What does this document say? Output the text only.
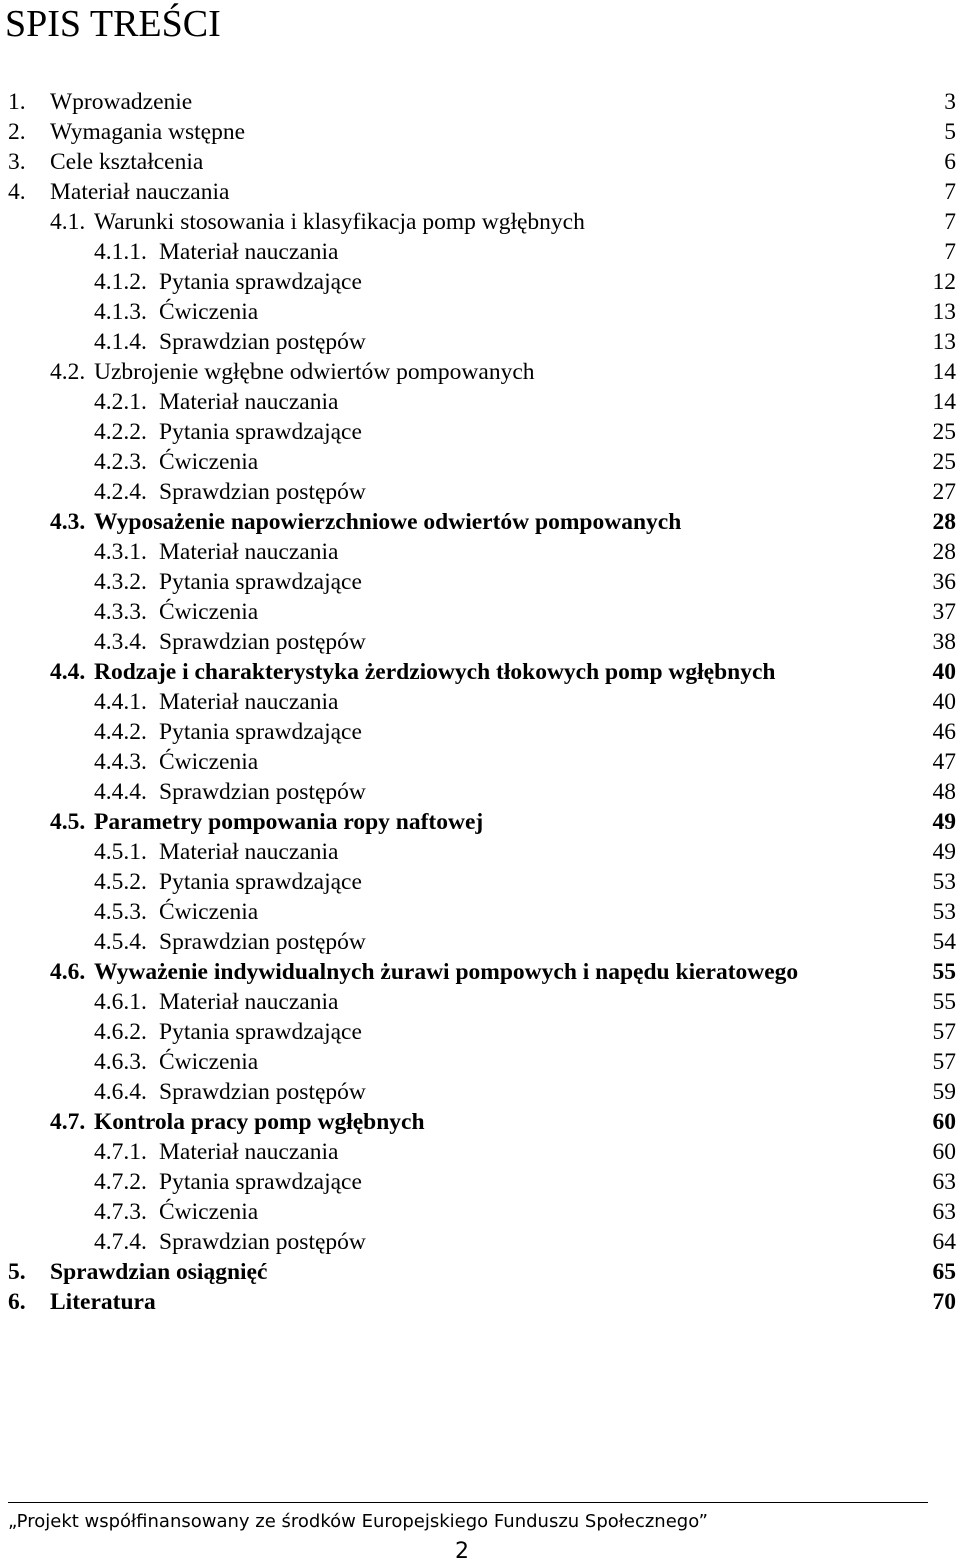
SPIS TREŚCI
1. Wprowadzenie	3
2. Wymagania wstępne	5
3. Cele kształcenia	6
4. Materiał nauczania	7
4.1. Warunki stosowania i klasyfikacja pomp wgłębnych	7
4.1.1. Materiał nauczania	7
4.1.2. Pytania sprawdzające	12
4.1.3. Ćwiczenia	13
4.1.4. Sprawdzian postępów	13
4.2. Uzbrojenie wgłębne odwiertów pompowanych	14
4.2.1. Materiał nauczania	14
4.2.2. Pytania sprawdzające	25
4.2.3. Ćwiczenia	25
4.2.4. Sprawdzian postępów	27
4.3. Wyposażenie napowierzchniowe odwiertów pompowanych	28
4.3.1. Materiał nauczania	28
4.3.2. Pytania sprawdzające	36
4.3.3. Ćwiczenia	37
4.3.4. Sprawdzian postępów	38
4.4. Rodzaje i charakterystyka żerdziowych tłokowych pomp wgłębnych	40
4.4.1. Materiał nauczania	40
4.4.2. Pytania sprawdzające	46
4.4.3. Ćwiczenia	47
4.4.4. Sprawdzian postępów	48
4.5. Parametry pompowania ropy naftowej	49
4.5.1. Materiał nauczania	49
4.5.2. Pytania sprawdzające	53
4.5.3. Ćwiczenia	53
4.5.4. Sprawdzian postępów	54
4.6. Wyważenie indywidualnych żurawi pompowych i napędu kieratowego	55
4.6.1. Materiał nauczania	55
4.6.2. Pytania sprawdzające	57
4.6.3. Ćwiczenia	57
4.6.4. Sprawdzian postępów	59
4.7. Kontrola pracy pomp wgłębnych	60
4.7.1. Materiał nauczania	60
4.7.2. Pytania sprawdzające	63
4.7.3. Ćwiczenia	63
4.7.4. Sprawdzian postępów	64
5. Sprawdzian osiągnięć	65
6. Literatura	70
„Projekt współfinansowany ze środków Europejskiego Funduszu Społecznego”
2
